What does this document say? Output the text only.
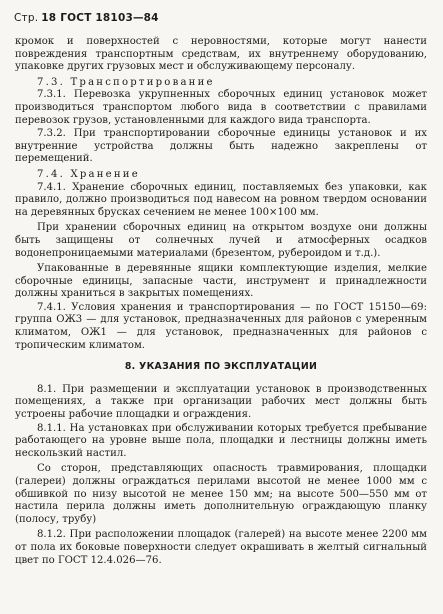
Стр. 18 ГОСТ 18103—84

кромок и поверхностей с неровностями, которые могут нанести повреждения транспортным средствам, их внутреннему оборудованию, упаковке других грузовых мест и обслуживающему персоналу.

7.3. Транспортирование

7.3.1. Перевозка укрупненных сборочных единиц установок может производиться транспортом любого вида в соответствии с правилами перевозок грузов, установленными для каждого вида транспорта.

7.3.2. При транспортировании сборочные единицы установок и их внутренние устройства должны быть надежно закреплены от перемещений.

7.4. Хранение

7.4.1. Хранение сборочных единиц, поставляемых без упаковки, как правило, должно производиться под навесом на ровном твердом основании на деревянных брусках сечением не менее 100×100 мм.

При хранении сборочных единиц на открытом воздухе они должны быть защищены от солнечных лучей и атмосферных осадков водонепроницаемыми материалами (брезентом, рубероидом и т.д.).

Упакованные в деревянные ящики комплектующие изделия, мелкие сборочные единицы, запасные части, инструмент и принадлежности должны храниться в закрытых помещениях.

7.4.1. Условия хранения и транспортирования — по ГОСТ 15150—69: группа ОЖ3 — для установок, предназначенных для районов с умеренным климатом, ОЖ1 — для установок, предназначенных для районов с тропическим климатом.

8. УКАЗАНИЯ ПО ЭКСПЛУАТАЦИИ

8.1. При размещении и эксплуатации установок в производственных помещениях, а также при организации рабочих мест должны быть устроены рабочие площадки и ограждения.

8.1.1. На установках при обслуживании которых требуется пребывание работающего на уровне выше пола, площадки и лестницы должны иметь нескользкий настил.

Со сторон, представляющих опасность травмирования, площадки (галереи) должны ограждаться перилами высотой не менее 1000 мм с обшивкой по низу высотой не менее 150 мм; на высоте 500—550 мм от настила перила должны иметь дополнительную ограждающую планку (полосу, трубу)

8.1.2. При расположении площадок (галерей) на высоте менее 2200 мм от пола их боковые поверхности следует окрашивать в желтый сигнальный цвет по ГОСТ 12.4.026—76.
